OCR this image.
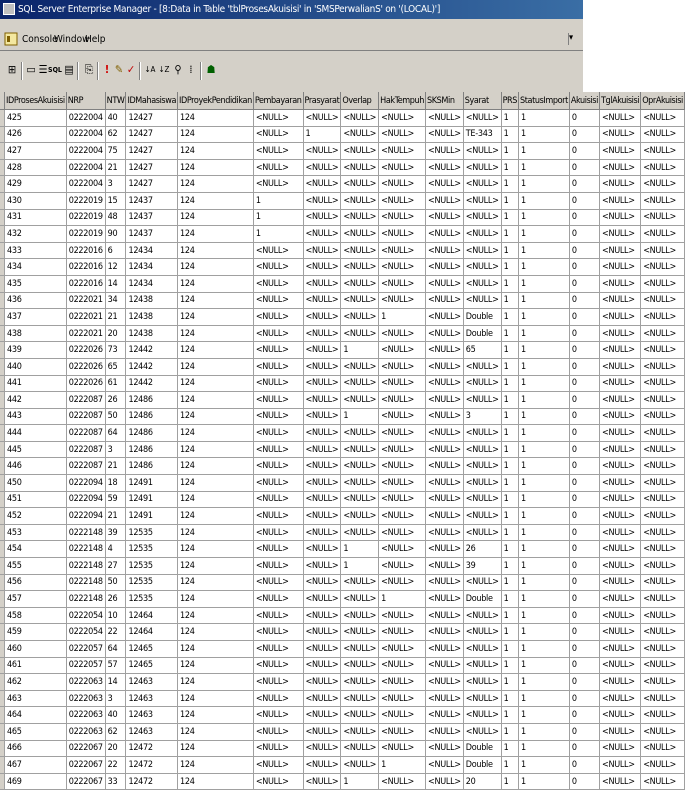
SQL Server Enterprise Manager - [8:Data in Table 'tblProsesAkuisisi' in 'SMSPerwalianS' on '(LOCAL)']
Console
Window
Help	▾
⊞ ▭ ☰ SQL ▤ ⎘	! ✎ ✓	↓A ↓Z ⚲ ⁞	☗
	IDProsesAkuisisi	NRP	NTW	IDMahasiswa	IDProyekPendidikan	Pembayaran	Prasyarat	Overlap	HakTempuh	SKSMin	Syarat	PRS	StatusImport	Akuisisi	TglAkuisisi	OprAkuisisi
	425	0222004	40	12427	124	<NULL>	<NULL>	<NULL>	<NULL>	<NULL>	<NULL>	1	1	0	<NULL>	<NULL>
	426	0222004	62	12427	124	<NULL>	1	<NULL>	<NULL>	<NULL>	TE-343	1	1	0	<NULL>	<NULL>
	427	0222004	75	12427	124	<NULL>	<NULL>	<NULL>	<NULL>	<NULL>	<NULL>	1	1	0	<NULL>	<NULL>
	428	0222004	21	12427	124	<NULL>	<NULL>	<NULL>	<NULL>	<NULL>	<NULL>	1	1	0	<NULL>	<NULL>
	429	0222004	3	12427	124	<NULL>	<NULL>	<NULL>	<NULL>	<NULL>	<NULL>	1	1	0	<NULL>	<NULL>
	430	0222019	15	12437	124	1	<NULL>	<NULL>	<NULL>	<NULL>	<NULL>	1	1	0	<NULL>	<NULL>
	431	0222019	48	12437	124	1	<NULL>	<NULL>	<NULL>	<NULL>	<NULL>	1	1	0	<NULL>	<NULL>
	432	0222019	90	12437	124	1	<NULL>	<NULL>	<NULL>	<NULL>	<NULL>	1	1	0	<NULL>	<NULL>
	433	0222016	6	12434	124	<NULL>	<NULL>	<NULL>	<NULL>	<NULL>	<NULL>	1	1	0	<NULL>	<NULL>
	434	0222016	12	12434	124	<NULL>	<NULL>	<NULL>	<NULL>	<NULL>	<NULL>	1	1	0	<NULL>	<NULL>
	435	0222016	14	12434	124	<NULL>	<NULL>	<NULL>	<NULL>	<NULL>	<NULL>	1	1	0	<NULL>	<NULL>
	436	0222021	34	12438	124	<NULL>	<NULL>	<NULL>	<NULL>	<NULL>	<NULL>	1	1	0	<NULL>	<NULL>
	437	0222021	21	12438	124	<NULL>	<NULL>	<NULL>	1	<NULL>	Double	1	1	0	<NULL>	<NULL>
	438	0222021	20	12438	124	<NULL>	<NULL>	<NULL>	<NULL>	<NULL>	Double	1	1	0	<NULL>	<NULL>
	439	0222026	73	12442	124	<NULL>	<NULL>	1	<NULL>	<NULL>	65	1	1	0	<NULL>	<NULL>
	440	0222026	65	12442	124	<NULL>	<NULL>	<NULL>	<NULL>	<NULL>	<NULL>	1	1	0	<NULL>	<NULL>
	441	0222026	61	12442	124	<NULL>	<NULL>	<NULL>	<NULL>	<NULL>	<NULL>	1	1	0	<NULL>	<NULL>
	442	0222087	26	12486	124	<NULL>	<NULL>	<NULL>	<NULL>	<NULL>	<NULL>	1	1	0	<NULL>	<NULL>
	443	0222087	50	12486	124	<NULL>	<NULL>	1	<NULL>	<NULL>	3	1	1	0	<NULL>	<NULL>
	444	0222087	64	12486	124	<NULL>	<NULL>	<NULL>	<NULL>	<NULL>	<NULL>	1	1	0	<NULL>	<NULL>
	445	0222087	3	12486	124	<NULL>	<NULL>	<NULL>	<NULL>	<NULL>	<NULL>	1	1	0	<NULL>	<NULL>
	446	0222087	21	12486	124	<NULL>	<NULL>	<NULL>	<NULL>	<NULL>	<NULL>	1	1	0	<NULL>	<NULL>
	450	0222094	18	12491	124	<NULL>	<NULL>	<NULL>	<NULL>	<NULL>	<NULL>	1	1	0	<NULL>	<NULL>
	451	0222094	59	12491	124	<NULL>	<NULL>	<NULL>	<NULL>	<NULL>	<NULL>	1	1	0	<NULL>	<NULL>
	452	0222094	21	12491	124	<NULL>	<NULL>	<NULL>	<NULL>	<NULL>	<NULL>	1	1	0	<NULL>	<NULL>
	453	0222148	39	12535	124	<NULL>	<NULL>	<NULL>	<NULL>	<NULL>	<NULL>	1	1	0	<NULL>	<NULL>
	454	0222148	4	12535	124	<NULL>	<NULL>	1	<NULL>	<NULL>	26	1	1	0	<NULL>	<NULL>
	455	0222148	27	12535	124	<NULL>	<NULL>	1	<NULL>	<NULL>	39	1	1	0	<NULL>	<NULL>
	456	0222148	50	12535	124	<NULL>	<NULL>	<NULL>	<NULL>	<NULL>	<NULL>	1	1	0	<NULL>	<NULL>
	457	0222148	26	12535	124	<NULL>	<NULL>	<NULL>	1	<NULL>	Double	1	1	0	<NULL>	<NULL>
	458	0222054	10	12464	124	<NULL>	<NULL>	<NULL>	<NULL>	<NULL>	<NULL>	1	1	0	<NULL>	<NULL>
	459	0222054	22	12464	124	<NULL>	<NULL>	<NULL>	<NULL>	<NULL>	<NULL>	1	1	0	<NULL>	<NULL>
	460	0222057	64	12465	124	<NULL>	<NULL>	<NULL>	<NULL>	<NULL>	<NULL>	1	1	0	<NULL>	<NULL>
	461	0222057	57	12465	124	<NULL>	<NULL>	<NULL>	<NULL>	<NULL>	<NULL>	1	1	0	<NULL>	<NULL>
	462	0222063	14	12463	124	<NULL>	<NULL>	<NULL>	<NULL>	<NULL>	<NULL>	1	1	0	<NULL>	<NULL>
	463	0222063	3	12463	124	<NULL>	<NULL>	<NULL>	<NULL>	<NULL>	<NULL>	1	1	0	<NULL>	<NULL>
	464	0222063	40	12463	124	<NULL>	<NULL>	<NULL>	<NULL>	<NULL>	<NULL>	1	1	0	<NULL>	<NULL>
	465	0222063	62	12463	124	<NULL>	<NULL>	<NULL>	<NULL>	<NULL>	<NULL>	1	1	0	<NULL>	<NULL>
	466	0222067	20	12472	124	<NULL>	<NULL>	<NULL>	<NULL>	<NULL>	Double	1	1	0	<NULL>	<NULL>
	467	0222067	22	12472	124	<NULL>	<NULL>	<NULL>	1	<NULL>	Double	1	1	0	<NULL>	<NULL>
	469	0222067	33	12472	124	<NULL>	<NULL>	1	<NULL>	<NULL>	20	1	1	0	<NULL>	<NULL>
